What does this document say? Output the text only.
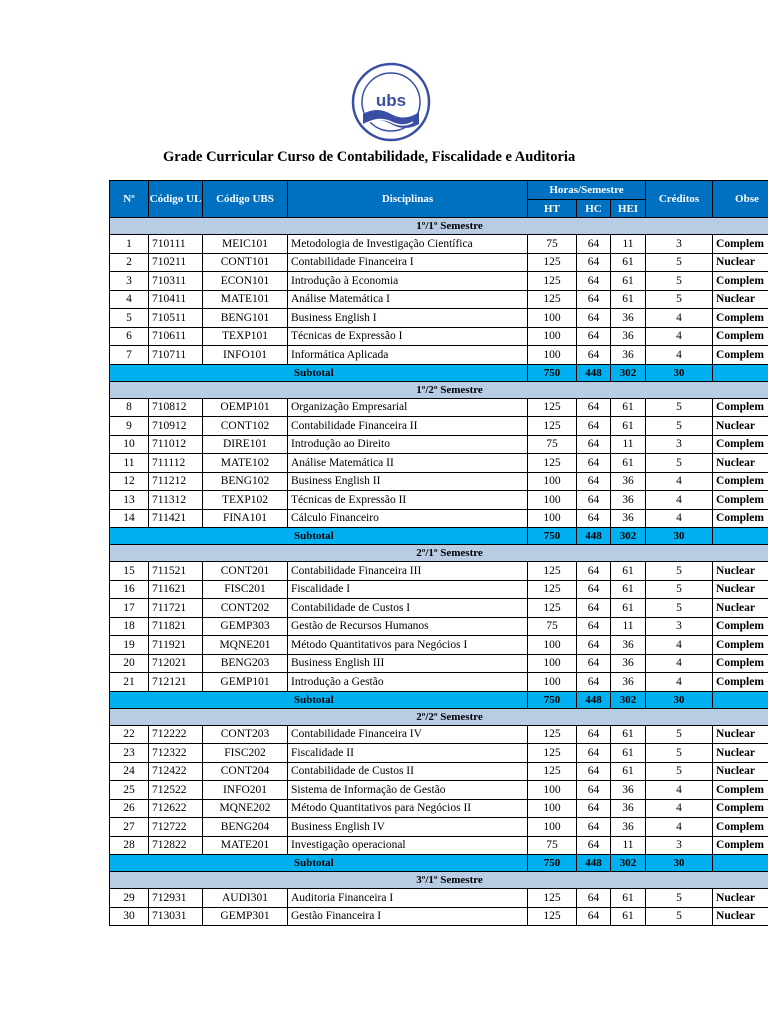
ubs
Grade Curricular Curso de Contabilidade, Fiscalidade e Auditoria
Nº	Código UL	Código UBS	Disciplinas	Horas/Semestre			Créditos	Obse
				HT	HC	HEI		
1º/1º Semestre								
1	710111	MEIC101	Metodologia de Investigação Científica	75	64	11	3	Complem
2	710211	CONT101	Contabilidade Financeira I	125	64	61	5	Nuclear
3	710311	ECON101	Introdução à Economia	125	64	61	5	Complem
4	710411	MATE101	Análise Matemática I	125	64	61	5	Nuclear
5	710511	BENG101	Business English I	100	64	36	4	Complem
6	710611	TEXP101	Técnicas de Expressão I	100	64	36	4	Complem
7	710711	INFO101	Informática Aplicada	100	64	36	4	Complem
Subtotal				750	448	302	30	
1º/2º Semestre								
8	710812	OEMP101	Organização Empresarial	125	64	61	5	Complem
9	710912	CONT102	Contabilidade Financeira II	125	64	61	5	Nuclear
10	711012	DIRE101	Introdução ao Direito	75	64	11	3	Complem
11	711112	MATE102	Análise Matemática II	125	64	61	5	Nuclear
12	711212	BENG102	Business English II	100	64	36	4	Complem
13	711312	TEXP102	Técnicas de Expressão II	100	64	36	4	Complem
14	711421	FINA101	Cálculo Financeiro	100	64	36	4	Complem
Subtotal				750	448	302	30	
2º/1º Semestre								
15	711521	CONT201	Contabilidade Financeira III	125	64	61	5	Nuclear
16	711621	FISC201	Fiscalidade I	125	64	61	5	Nuclear
17	711721	CONT202	Contabilidade de Custos I	125	64	61	5	Nuclear
18	711821	GEMP303	Gestão de Recursos Humanos	75	64	11	3	Complem
19	711921	MQNE201	Método Quantitativos para Negócios I	100	64	36	4	Complem
20	712021	BENG203	Business English III	100	64	36	4	Complem
21	712121	GEMP101	Introdução a Gestão	100	64	36	4	Complem
Subtotal				750	448	302	30	
2º/2º Semestre								
22	712222	CONT203	Contabilidade Financeira IV	125	64	61	5	Nuclear
23	712322	FISC202	Fiscalidade II	125	64	61	5	Nuclear
24	712422	CONT204	Contabilidade de Custos II	125	64	61	5	Nuclear
25	712522	INFO201	Sistema de Informação de Gestão	100	64	36	4	Complem
26	712622	MQNE202	Método Quantitativos para Negócios II	100	64	36	4	Complem
27	712722	BENG204	Business English IV	100	64	36	4	Complem
28	712822	MATE201	Investigação operacional	75	64	11	3	Complem
Subtotal				750	448	302	30	
3º/1º Semestre								
29	712931	AUDI301	Auditoria Financeira I	125	64	61	5	Nuclear
30	713031	GEMP301	Gestão Financeira I	125	64	61	5	Nuclear
